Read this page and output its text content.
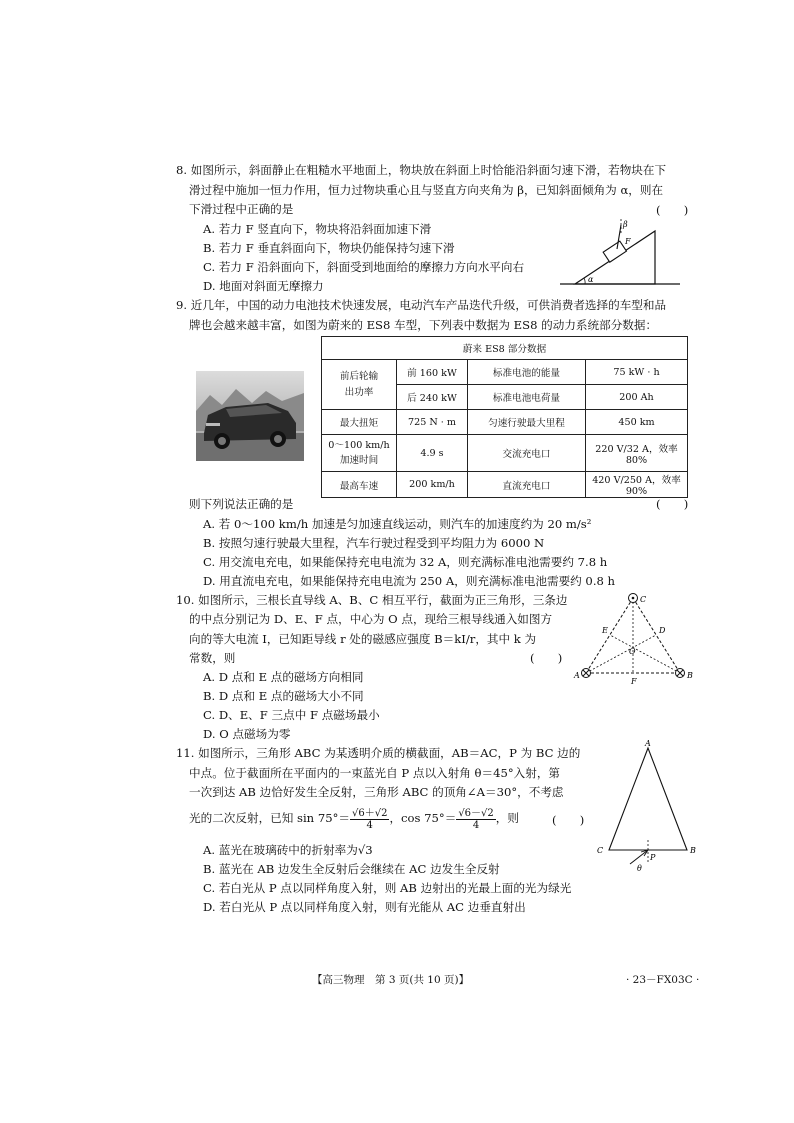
8. 如图所示，斜面静止在粗糙水平地面上，物块放在斜面上时恰能沿斜面匀速下滑，若物块在下
滑过程中施加一恒力作用，恒力过物块重心且与竖直方向夹角为 β，已知斜面倾角为 α，则在
下滑过程中正确的是	(　　)
A. 若力 F 竖直向下，物块将沿斜面加速下滑
B. 若力 F 垂直斜面向下，物块仍能保持匀速下滑
C. 若力 F 沿斜面向下，斜面受到地面给的摩擦力方向水平向右
D. 地面对斜面无摩擦力
β
F
α
9. 近几年，中国的动力电池技术快速发展，电动汽车产品迭代升级，可供消费者选择的车型和品
牌也会越来越丰富，如图为蔚来的 ES8 车型，下列表中数据为 ES8 的动力系统部分数据：
蔚来 ES8 部分数据			
前后轮输
出功率	前 160 kW	标准电池的能量	75 kW · h
	后 240 kW	标准电池电荷量	200 Ah
最大扭矩	725 N · m	匀速行驶最大里程	450 km
0～100 km/h
加速时间	4.9 s	交流充电口	220 V/32 A，效率 80%
最高车速	200 km/h	直流充电口	420 V/250 A，效率 90%
则下列说法正确的是	(　　)
A. 若 0～100 km/h 加速是匀加速直线运动，则汽车的加速度约为 20 m/s²
B. 按照匀速行驶最大里程，汽车行驶过程受到平均阻力为 6000 N
C. 用交流电充电，如果能保持充电电流为 32 A，则充满标准电池需要约 7.8 h
D. 用直流电充电，如果能保持充电电流为 250 A，则充满标准电池需要约 0.8 h
10. 如图所示，三根长直导线 A、B、C 相互平行，截面为正三角形，三条边
的中点分别记为 D、E、F 点，中心为 O 点，现给三根导线通入如图方
向的等大电流 I，已知距导线 r 处的磁感应强度 B＝kI/r，其中 k 为
常数，则	(　　)
A. D 点和 E 点的磁场方向相同
B. D 点和 E 点的磁场大小不同
C. D、E、F 三点中 F 点磁场最小
D. O 点磁场为零
C
A	B
E	D
O
F
11. 如图所示，三角形 ABC 为某透明介质的横截面，AB＝AC，P 为 BC 边的
中点。位于截面所在平面内的一束蓝光自 P 点以入射角 θ＝45°入射，第
一次到达 AB 边恰好发生全反射，三角形 ABC 的顶角∠A＝30°，不考虑
光的二次反射，已知 $\sin 75^\circ= \frac{√6+√2}{4}$ ，$\cos 75^\circ= \frac{√6-√2}{4}$ ，则	(　　)
A. 蓝光在玻璃砖中的折射率为√3
B. 蓝光在 AB 边发生全反射后会继续在 AC 边发生全反射
C. 若白光从 P 点以同样角度入射，则 AB 边射出的光最上面的光为绿光
D. 若白光从 P 点以同样角度入射，则有光能从 AC 边垂直射出
A
C	B
P
θ
【高三物理　第 3 页(共 10 页)】	· 23－FX03C ·
